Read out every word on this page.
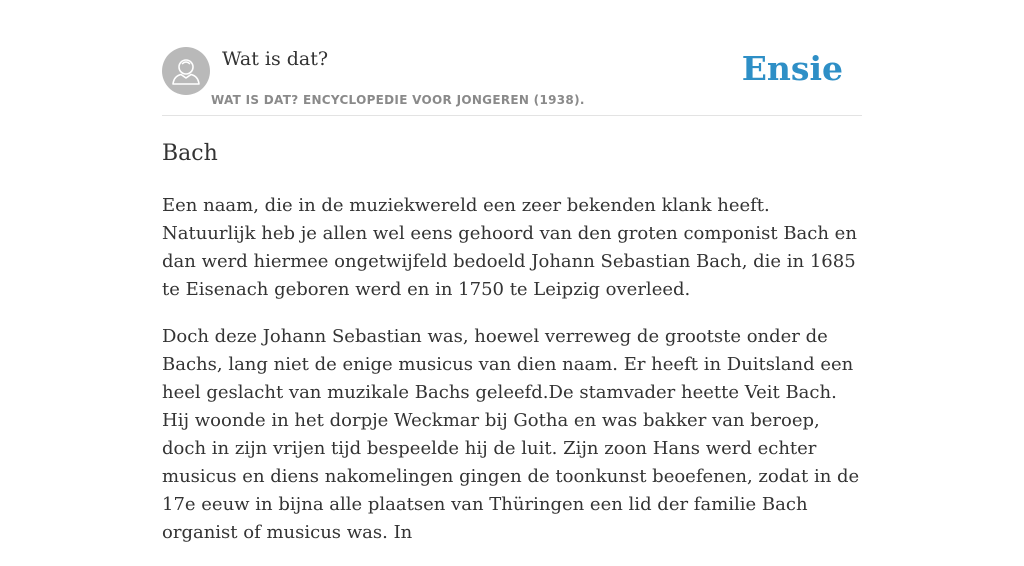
Wat is dat?
WAT IS DAT? ENCYCLOPEDIE VOOR JONGEREN (1938).
Ensie
Bach

Een naam, die in de muziekwereld een zeer bekenden klank heeft. Natuurlijk heb je allen wel eens gehoord van den groten componist Bach en dan werd hiermee ongetwijfeld bedoeld Johann Sebastian Bach, die in 1685 te Eisenach geboren werd en in 1750 te Leipzig overleed.

Doch deze Johann Sebastian was, hoewel verreweg de grootste onder de Bachs, lang niet de enige musicus van dien naam. Er heeft in Duitsland een heel geslacht van muzikale Bachs geleefd.De stamvader heette Veit Bach. Hij woonde in het dorpje Weckmar bij Gotha en was bakker van beroep, doch in zijn vrijen tijd bespeelde hij de luit. Zijn zoon Hans werd echter musicus en diens nakomelingen gingen de toonkunst beoefenen, zodat in de 17e eeuw in bijna alle plaatsen van Thüringen een lid der familie Bach organist of musicus was. In
